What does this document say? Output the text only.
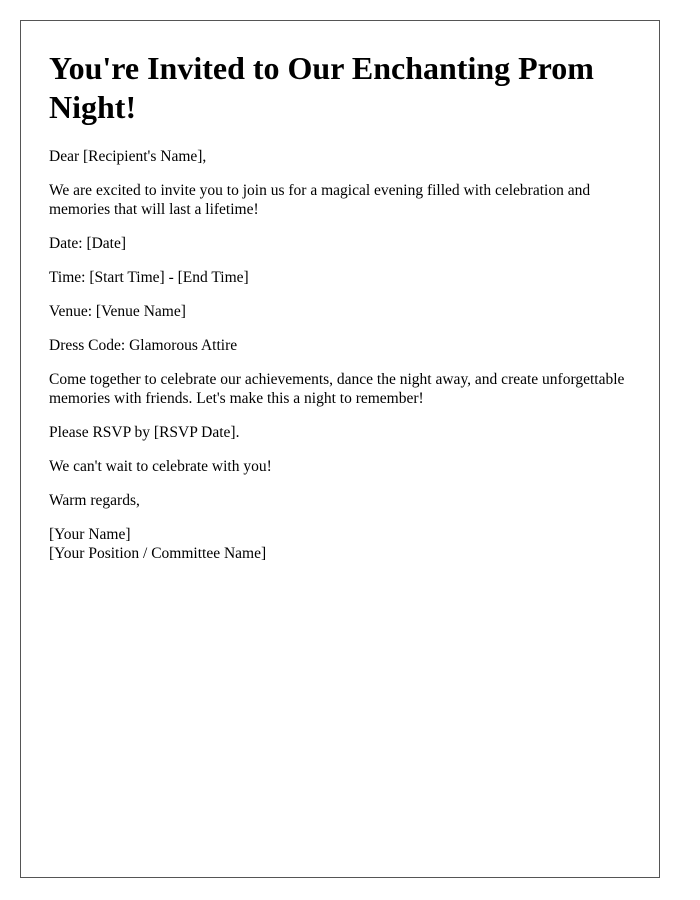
You're Invited to Our Enchanting Prom Night!

Dear [Recipient's Name],

We are excited to invite you to join us for a magical evening filled with celebration and memories that will last a lifetime!

Date: [Date]

Time: [Start Time] - [End Time]

Venue: [Venue Name]

Dress Code: Glamorous Attire

Come together to celebrate our achievements, dance the night away, and create unforgettable memories with friends. Let's make this a night to remember!

Please RSVP by [RSVP Date].

We can't wait to celebrate with you!

Warm regards,

[Your Name]
[Your Position / Committee Name]
